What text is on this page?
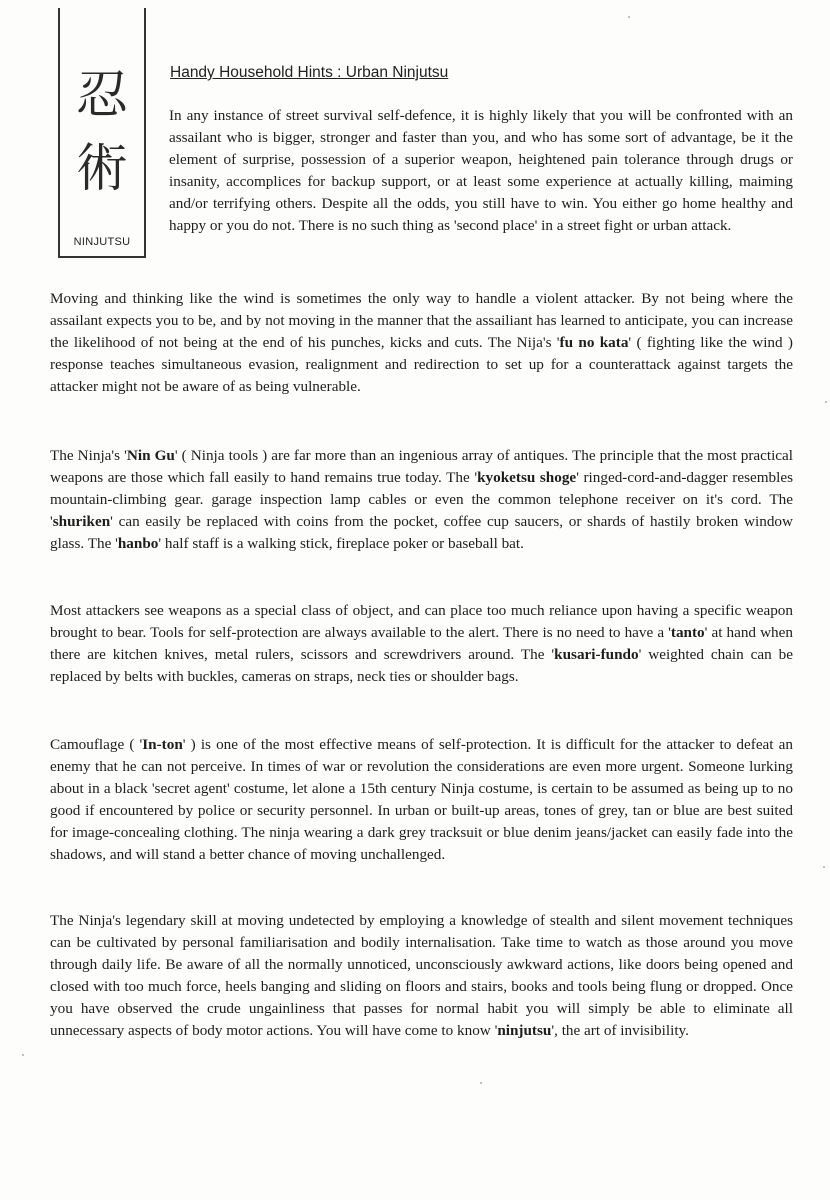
忍
術
NINJUTSU
Handy Household Hints : Urban Ninjutsu

In any instance of street survival self-defence, it is highly likely that you will be confronted with an assailant who is bigger, stronger and faster than you, and who has some sort of advantage, be it the element of surprise, possession of a superior weapon, heightened pain tolerance through drugs or insanity, accomplices for backup support, or at least some experience at actually killing, maiming and/or terrifying others. Despite all the odds, you still have to win. You either go home healthy and happy or you do not. There is no such thing as 'second place' in a street fight or urban attack.

Moving and thinking like the wind is sometimes the only way to handle a violent attacker. By not being where the assailant expects you to be, and by not moving in the manner that the assailiant has learned to anticipate, you can increase the likelihood of not being at the end of his punches, kicks and cuts. The Nija's 'fu no kata' ( fighting like the wind ) response teaches simultaneous evasion, realignment and redirection to set up for a counterattack against targets the attacker might not be aware of as being vulnerable.

The Ninja's 'Nin Gu' ( Ninja tools ) are far more than an ingenious array of antiques. The principle that the most practical weapons are those which fall easily to hand remains true today. The 'kyoketsu shoge' ringed-cord-and-dagger resembles mountain-climbing gear. garage inspection lamp cables or even the common telephone receiver on it's cord. The 'shuriken' can easily be replaced with coins from the pocket, coffee cup saucers, or shards of hastily broken window glass. The 'hanbo' half staff is a walking stick, fireplace poker or baseball bat.

Most attackers see weapons as a special class of object, and can place too much reliance upon having a specific weapon brought to bear. Tools for self-protection are always available to the alert. There is no need to have a 'tanto' at hand when there are kitchen knives, metal rulers, scissors and screwdrivers around. The 'kusari-fundo' weighted chain can be replaced by belts with buckles, cameras on straps, neck ties or shoulder bags.

Camouflage ( 'In-ton' ) is one of the most effective means of self-protection. It is difficult for the attacker to defeat an enemy that he can not perceive. In times of war or revolution the considerations are even more urgent. Someone lurking about in a black 'secret agent' costume, let alone a 15th century Ninja costume, is certain to be assumed as being up to no good if encountered by police or security personnel. In urban or built-up areas, tones of grey, tan or blue are best suited for image-concealing clothing. The ninja wearing a dark grey tracksuit or blue denim jeans/jacket can easily fade into the shadows, and will stand a better chance of moving unchallenged.

The Ninja's legendary skill at moving undetected by employing a knowledge of stealth and silent movement techniques can be cultivated by personal familiarisation and bodily internalisation. Take time to watch as those around you move through daily life. Be aware of all the normally unnoticed, unconsciously awkward actions, like doors being opened and closed with too much force, heels banging and sliding on floors and stairs, books and tools being flung or dropped. Once you have observed the crude ungainliness that passes for normal habit you will simply be able to eliminate all unnecessary aspects of body motor actions. You will have come to know 'ninjutsu', the art of invisibility.
